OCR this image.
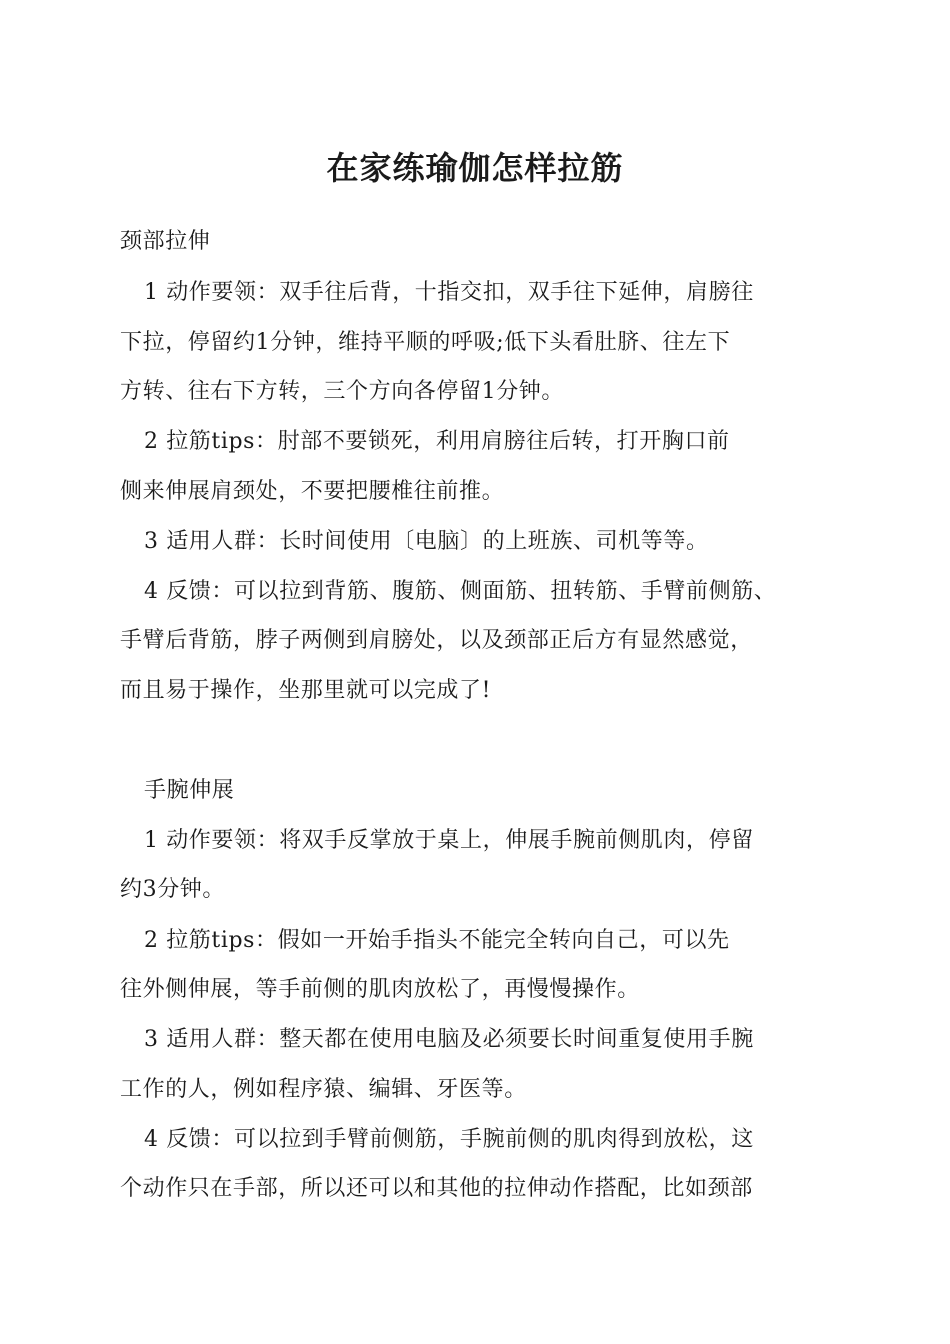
在家练瑜伽怎样拉筋
颈部拉伸
1 动作要领：双手往后背，十指交扣，双手往下延伸，肩膀往
下拉，停留约1分钟，维持平顺的呼吸;低下头看肚脐、往左下
方转、往右下方转，三个方向各停留1分钟。
2 拉筋tips：肘部不要锁死，利用肩膀往后转，打开胸口前
侧来伸展肩颈处，不要把腰椎往前推。
3 适用人群：长时间使用〔电脑〕的上班族、司机等等。
4 反馈：可以拉到背筋、腹筋、侧面筋、扭转筋、手臂前侧筋、
手臂后背筋，脖子两侧到肩膀处，以及颈部正后方有显然感觉，
而且易于操作，坐那里就可以完成了!
手腕伸展
1 动作要领：将双手反掌放于桌上，伸展手腕前侧肌肉，停留
约3分钟。
2 拉筋tips：假如一开始手指头不能完全转向自己，可以先
往外侧伸展，等手前侧的肌肉放松了，再慢慢操作。
3 适用人群：整天都在使用电脑及必须要长时间重复使用手腕
工作的人，例如程序猿、编辑、牙医等。
4 反馈：可以拉到手臂前侧筋，手腕前侧的肌肉得到放松，这
个动作只在手部，所以还可以和其他的拉伸动作搭配，比如颈部
